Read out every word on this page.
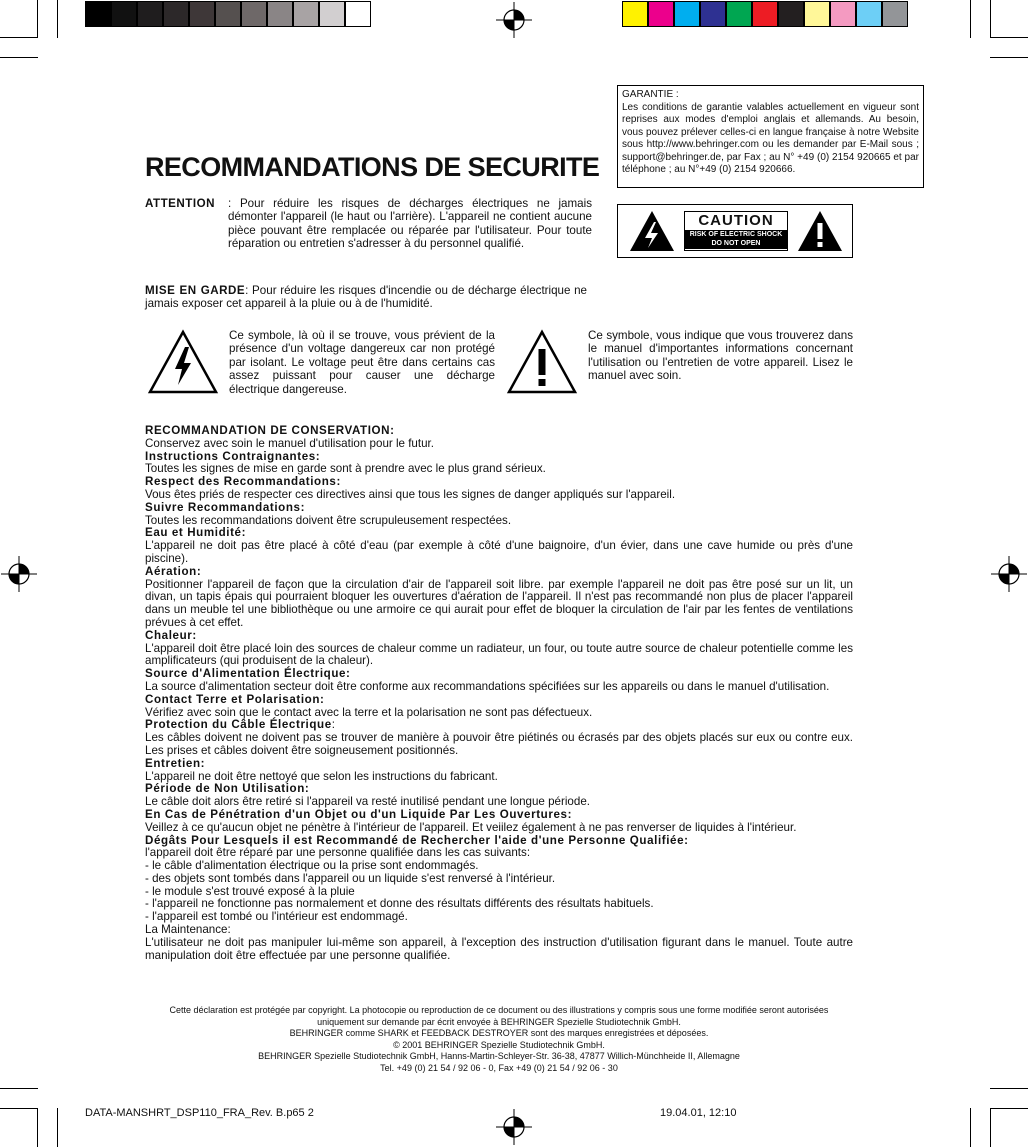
RECOMMANDATIONS DE SECURITE

GARANTIE :

Les conditions de garantie valables actuellement en vigueur sont reprises aux modes d'emploi anglais et allemands. Au besoin, vous pouvez prélever celles-ci en langue française à notre Website sous http://www.behringer.com ou les demander par E-Mail sous ; support@behringer.de, par Fax ; au N° +49 (0) 2154 920665 et par téléphone ; au N°+49 (0) 2154 920666.

CAUTION
RISK OF ELECTRIC SHOCK
DO NOT OPEN
ATTENTION : Pour réduire les risques de décharges électriques ne jamais démonter l'appareil (le haut ou l'arrière). L'appareil ne contient aucune pièce pouvant être remplacée ou réparée par l'utilisateur. Pour toute réparation ou entretien s'adresser à du personnel qualifié.
MISE EN GARDE: Pour réduire les risques d'incendie ou de décharge électrique ne jamais exposer cet appareil à la pluie ou à de l'humidité.
Ce symbole, là où il se trouve, vous prévient de la présence d'un voltage dangereux car non protégé par isolant. Le voltage peut être dans certains cas assez puissant pour causer une décharge électrique dangereuse.
Ce symbole, vous indique que vous trouverez dans le manuel d'importantes informations concernant l'utilisation ou l'entretien de votre appareil. Lisez le manuel avec soin.
RECOMMANDATION DE CONSERVATION:
Conservez avec soin le manuel d'utilisation pour le futur.
Instructions Contraignantes:
Toutes les signes de mise en garde sont à prendre avec le plus grand sérieux.
Respect des Recommandations:
Vous êtes priés de respecter ces directives ainsi que tous les signes de danger appliqués sur l'appareil.
Suivre Recommandations:
Toutes les recommandations doivent être scrupuleusement respectées.
Eau et Humidité:
L'appareil ne doit pas être placé à côté d'eau (par exemple à côté d'une baignoire, d'un évier, dans une cave humide ou près d'une piscine).
Aération:
Positionner l'appareil de façon que la circulation d'air de l'appareil soit libre. par exemple l'appareil ne doit pas être posé sur un lit, un divan, un tapis épais qui pourraient bloquer les ouvertures d'aération de l'appareil. Il n'est pas recommandé non plus de placer l'appareil dans un meuble tel une bibliothèque ou une armoire ce qui aurait pour effet de bloquer la circulation de l'air par les fentes de ventilations prévues à cet effet.
Chaleur:
L'appareil doit être placé loin des sources de chaleur comme un radiateur, un four, ou toute autre source de chaleur potentielle comme les amplificateurs (qui produisent de la chaleur).
Source d'Alimentation Électrique:
La source d'alimentation secteur doit être conforme aux recommandations spécifiées sur les appareils ou dans le manuel d'utilisation.
Contact Terre et Polarisation:
Vérifiez avec soin que le contact avec la terre et la polarisation ne sont pas défectueux.
Protection du Câble Électrique:
Les câbles doivent ne doivent pas se trouver de manière à pouvoir être piétinés ou écrasés par des objets placés sur eux ou contre eux. Les prises et câbles doivent être soigneusement positionnés.
Entretien:
L'appareil ne doit être nettoyé que selon les instructions du fabricant.
Période de Non Utilisation:
Le câble doit alors être retiré si l'appareil va resté inutilisé pendant une longue période.
En Cas de Pénétration d'un Objet ou d'un Liquide Par Les Ouvertures:
Veillez à ce qu'aucun objet ne pénètre à l'intérieur de l'appareil. Et veiilez également à ne pas renverser de liquides à l'intérieur.
Dégâts Pour Lesquels il est Recommandé de Rechercher l'aide d'une Personne Qualifiée:
l'appareil doit être réparé par une personne qualifiée dans les cas suivants:
- le câble d'alimentation électrique ou la prise sont endommagés.
- des objets sont tombés dans l'appareil ou un liquide s'est renversé à l'intérieur.
- le module s'est trouvé exposé à la pluie
- l'appareil ne fonctionne pas normalement et donne des résultats différents des résultats habituels.
- l'appareil est tombé ou l'intérieur est endommagé.
La Maintenance:
L'utilisateur ne doit pas manipuler lui-même son appareil, à l'exception des instruction d'utilisation figurant dans le manuel. Toute autre manipulation doit être effectuée par une personne qualifiée.
Cette déclaration est protégée par copyright. La photocopie ou reproduction de ce document ou des illustrations y compris sous une forme modifiée seront autorisées uniquement sur demande par écrit envoyée à BEHRINGER Spezielle Studiotechnik GmbH.
BEHRINGER comme SHARK et FEEDBACK DESTROYER sont des marques enregistrées et déposées.
© 2001 BEHRINGER Spezielle Studiotechnik GmbH.
BEHRINGER Spezielle Studiotechnik GmbH, Hanns-Martin-Schleyer-Str. 36-38, 47877 Willich-Münchheide II, Allemagne
Tel. +49 (0) 21 54 / 92 06 - 0, Fax +49 (0) 21 54 / 92 06 - 30
DATA-MANSHRT_DSP110_FRA_Rev. B.p65 2	19.04.01, 12:10
